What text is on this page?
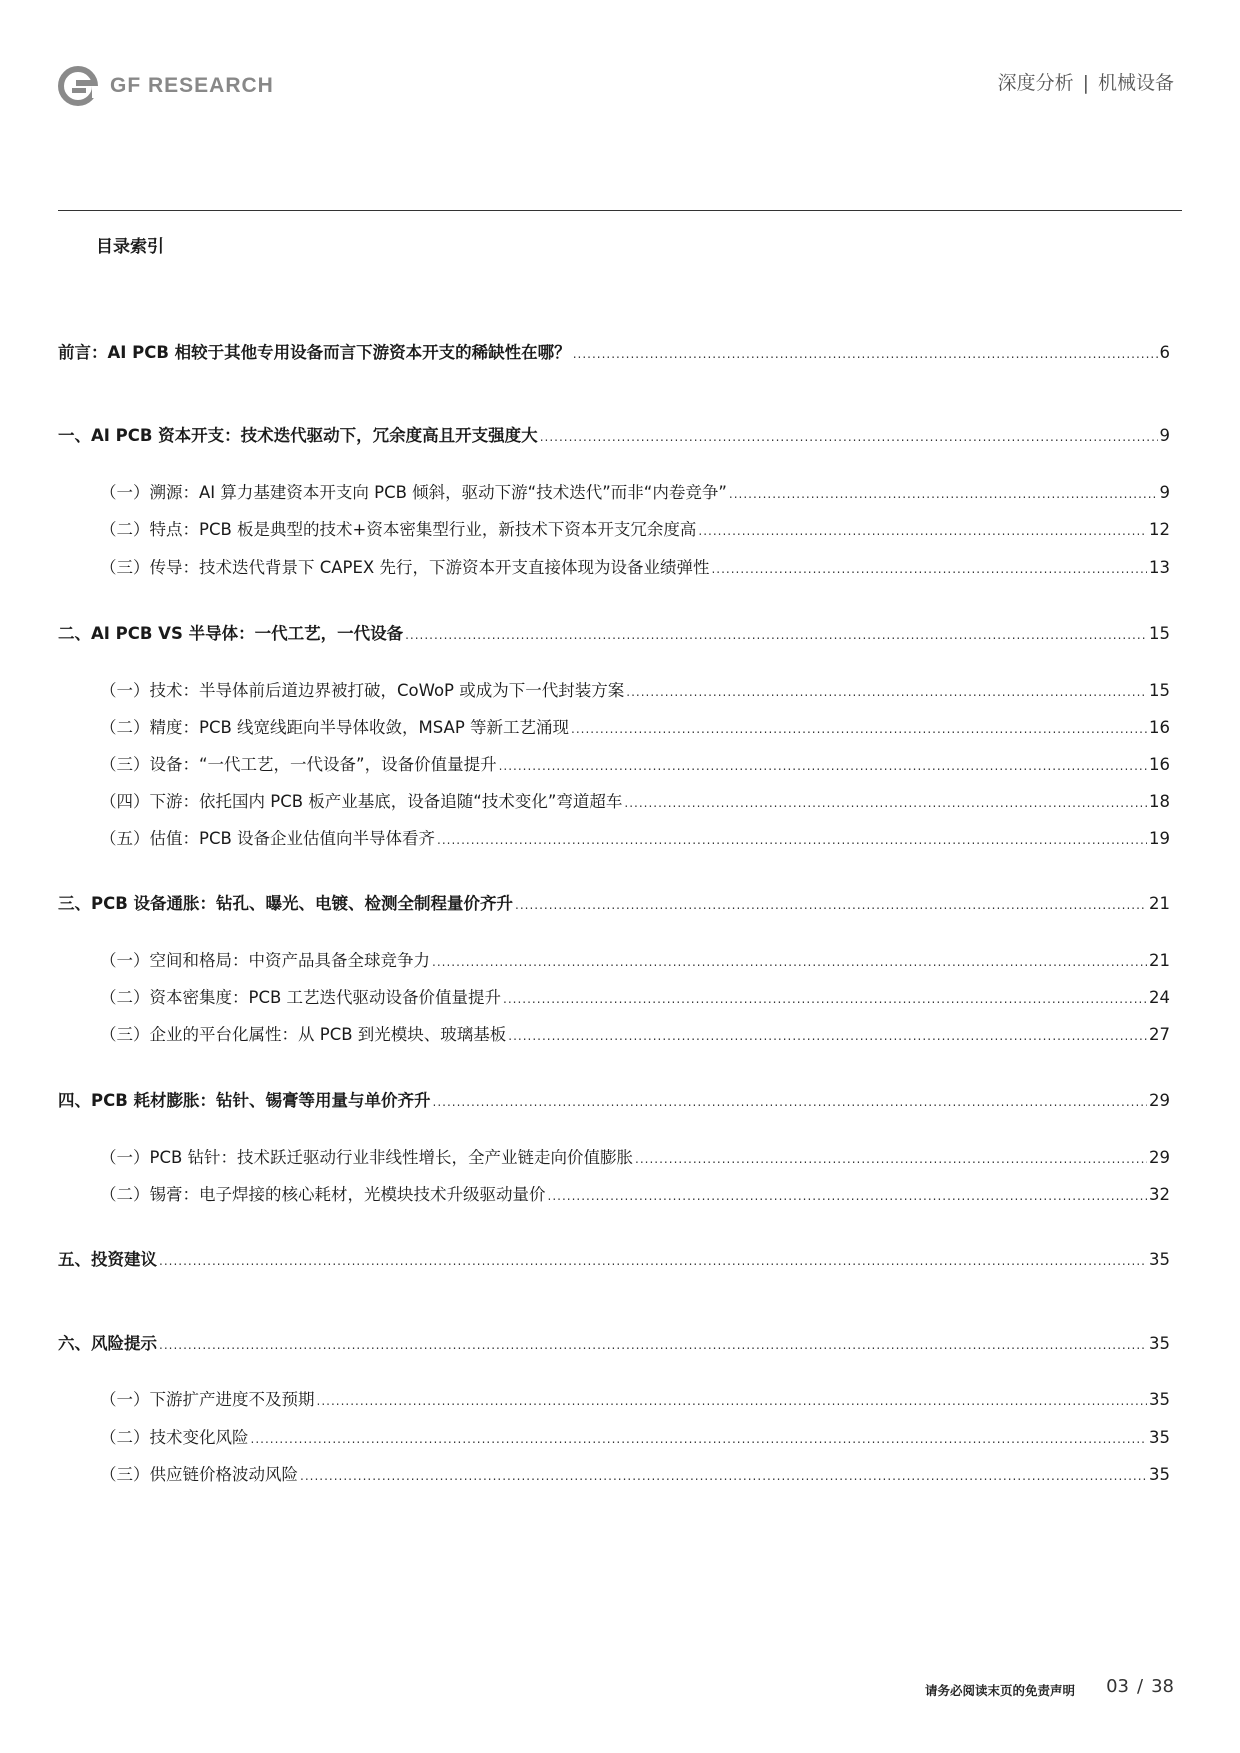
GF RESEARCH	深度分析 | 机械设备
目录索引
前言：AI PCB 相较于其他专用设备而言下游资本开支的稀缺性在哪？ .....	6
一、AI PCB 资本开支：技术迭代驱动下，冗余度高且开支强度大 .....	9
（一）溯源：AI 算力基建资本开支向 PCB 倾斜，驱动下游“技术迭代”而非“内卷竞争” .....	9
（二）特点：PCB 板是典型的技术+资本密集型行业，新技术下资本开支冗余度高 .....	12
（三）传导：技术迭代背景下 CAPEX 先行，下游资本开支直接体现为设备业绩弹性 .....	13
二、AI PCB VS 半导体：一代工艺，一代设备 .....	15
（一）技术：半导体前后道边界被打破，CoWoP 或成为下一代封装方案 .....	15
（二）精度：PCB 线宽线距向半导体收敛，MSAP 等新工艺涌现 .....	16
（三）设备：“一代工艺，一代设备”，设备价值量提升 .....	16
（四）下游：依托国内 PCB 板产业基底，设备追随“技术变化”弯道超车 .....	18
（五）估值：PCB 设备企业估值向半导体看齐 .....	19
三、PCB 设备通胀：钻孔、曝光、电镀、检测全制程量价齐升 .....	21
（一）空间和格局：中资产品具备全球竞争力 .....	21
（二）资本密集度：PCB 工艺迭代驱动设备价值量提升 .....	24
（三）企业的平台化属性：从 PCB 到光模块、玻璃基板 .....	27
四、PCB 耗材膨胀：钻针、锡膏等用量与单价齐升 .....	29
（一）PCB 钻针：技术跃迁驱动行业非线性增长，全产业链走向价值膨胀 .....	29
（二）锡膏：电子焊接的核心耗材，光模块技术升级驱动量价 .....	32
五、投资建议 .....	35
六、风险提示 .....	35
（一）下游扩产进度不及预期 .....	35
（二）技术变化风险 .....	35
（三）供应链价格波动风险 .....	35
请务必阅读末页的免责声明 03 / 38
